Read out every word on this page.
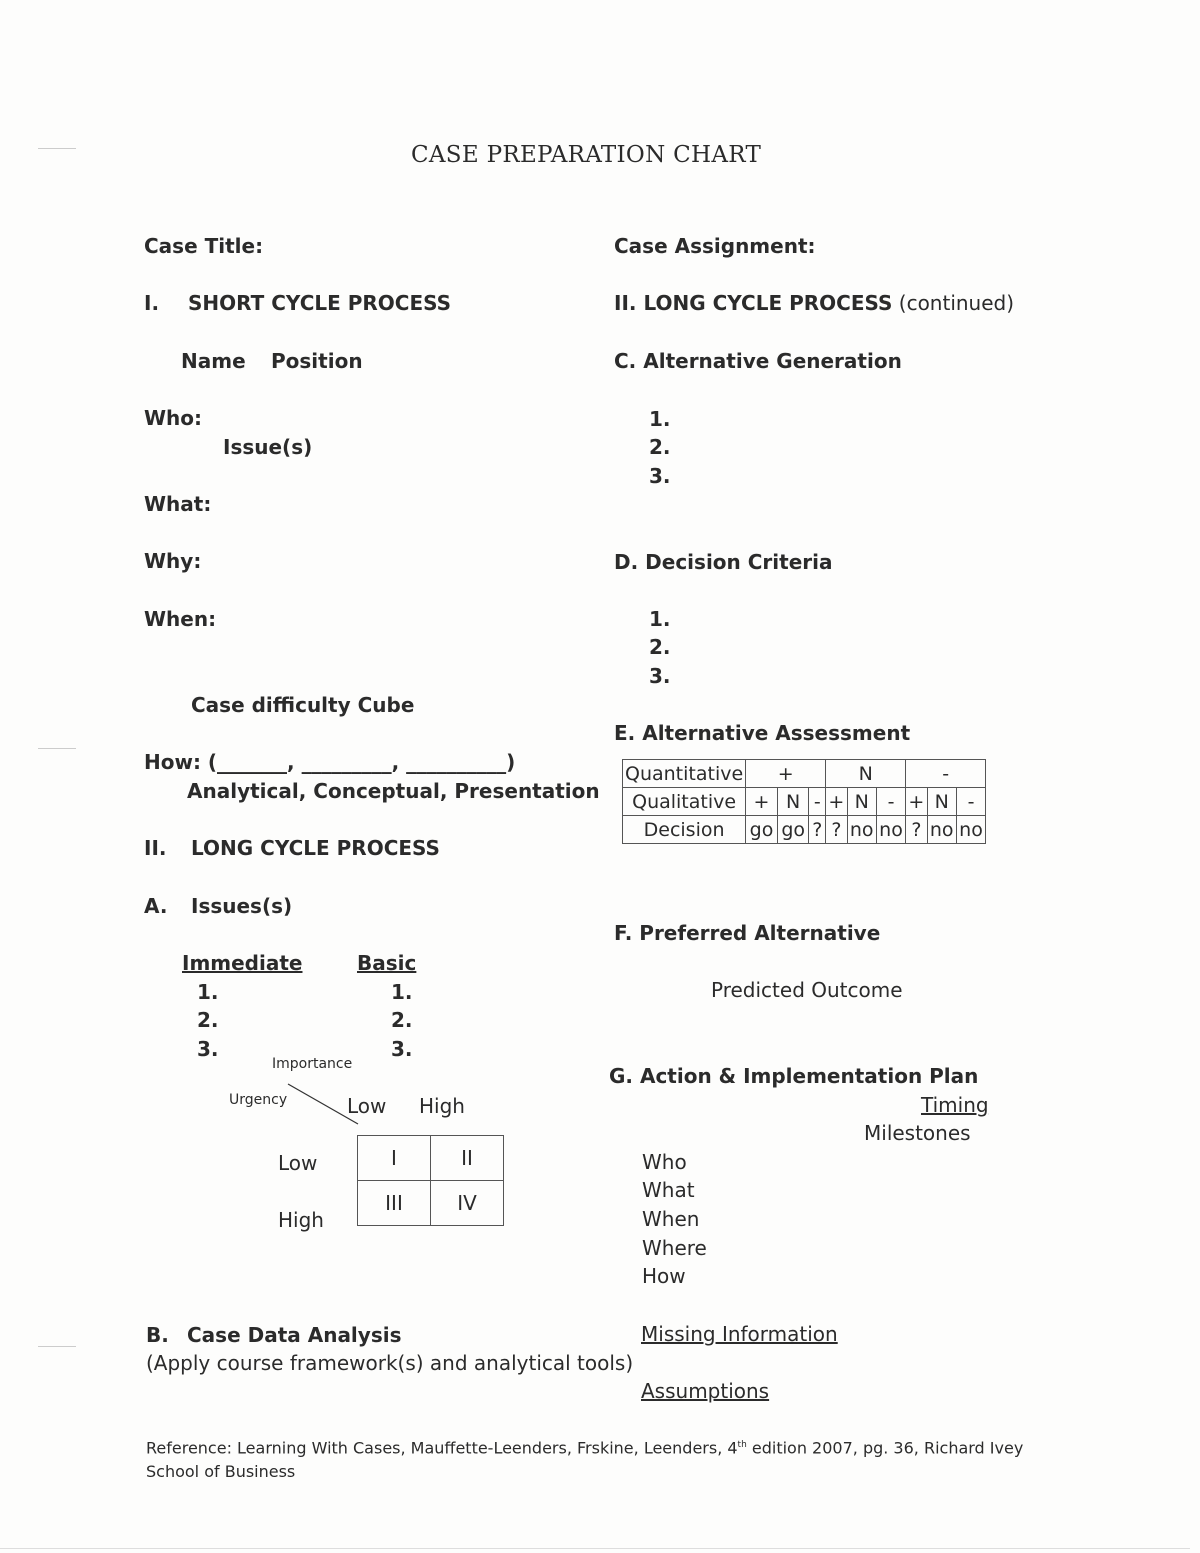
CASE PREPARATION CHART
Case Title:
I. SHORT CYCLE PROCESS
Name Position
Who:
Issue(s)
What:
Why:
When:
Case difficulty Cube
How: (_______, _________, __________)
Analytical, Conceptual, Presentation
II. LONG CYCLE PROCESS
A. Issues(s)
Immediate
1.
2.
3.
Basic
1.
2.
3.
Importance
Urgency	Low High
Low
High
I	II
III	IV
B. Case Data Analysis
(Apply course framework(s) and analytical tools)
Case Assignment:
II. LONG CYCLE PROCESS (continued)
C. Alternative Generation
1.
2.
3.
D. Decision Criteria
1.
2.
3.
E. Alternative Assessment
Quantitative	+			N			-		
Qualitative	+	N	-	+	N	-	+	N	-
Decision	go	go	?	?	no	no	?	no	no
F. Preferred Alternative
Predicted Outcome
G. Action & Implementation Plan
Timing
Milestones
Who
What
When
Where
How
Missing Information
Assumptions
Reference: Learning With Cases, Mauffette-Leenders, Frskine, Leenders, 4th edition 2007, pg. 36, Richard Ivey School of Business
